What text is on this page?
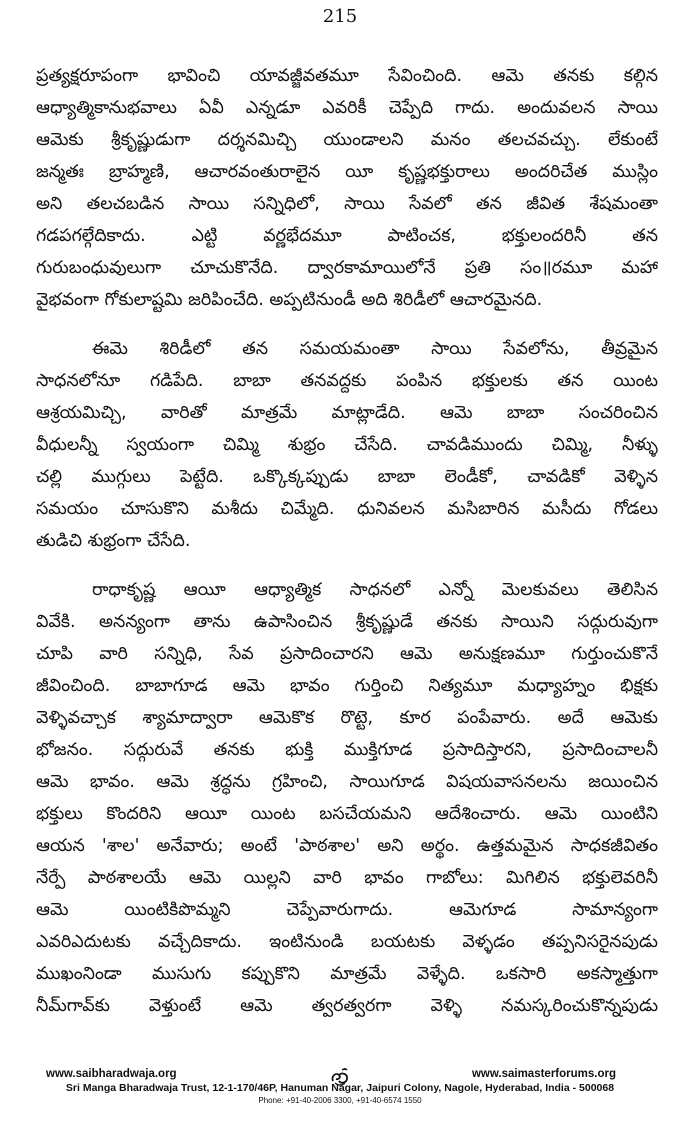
215
ప్రత్యక్షరూపంగా భావించి యావజ్జీవతమూ సేవించింది. ఆమె తనకు కల్గిన
ఆధ్యాత్మికానుభవాలు ఏవీ ఎన్నడూ ఎవరికీ చెప్పేది గాదు. అందువలన సాయి
ఆమెకు శ్రీకృష్ణుడుగా దర్శనమిచ్చి యుండాలని మనం తలచవచ్చు. లేకుంటే
జన్మతః బ్రాహ్మణి, ఆచారవంతురాలైన యీ కృష్ణభక్తురాలు అందరిచేత ముస్లిం
అని తలచబడిన సాయి సన్నిధిలో, సాయి సేవలో తన జీవిత శేషమంతా
గడపగల్గేదికాదు. ఎట్టి వర్ణభేదమూ పాటించక, భక్తులందరినీ తన
గురుబంధువులుగా చూచుకొనేది. ద్వారకామాయిలోనే ప్రతి సం॥రమూ మహా
వైభవంగా గోకులాష్టమి జరిపించేది. అప్పటినుండీ అది శిరిడీలో ఆచారమైనది.
ఈమె శిరిడీలో తన సమయమంతా సాయి సేవలోను, తీవ్రమైన
సాధనలోనూ గడిపేది. బాబా తనవద్దకు పంపిన భక్తులకు తన యింట
ఆశ్రయమిచ్చి, వారితో మాత్రమే మాట్లాడేది. ఆమె బాబా సంచరించిన
వీధులన్నీ స్వయంగా చిమ్మి శుభ్రం చేసేది. చావడిముందు చిమ్మి, నీళ్ళు
చల్లి ముగ్గులు పెట్టేది. ఒక్కొక్కప్పుడు బాబా లెండీకో, చావడికో వెళ్ళిన
సమయం చూసుకొని మశీదు చిమ్మేది. ధునివలన మసిబారిన మసీదు గోడలు
తుడిచి శుభ్రంగా చేసేది.
రాధాకృష్ణ ఆయీ ఆధ్యాత్మిక సాధనలో ఎన్నో మెలకువలు తెలిసిన
వివేకి. అనన్యంగా తాను ఉపాసించిన శ్రీకృష్ణుడే తనకు సాయిని సద్గురువుగా
చూపి వారి సన్నిధి, సేవ ప్రసాదించారని ఆమె అనుక్షణమూ గుర్తుంచుకొనే
జీవించింది. బాబాగూడ ఆమె భావం గుర్తించి నిత్యమూ మధ్యాహ్నం భిక్షకు
వెళ్ళివచ్చాక శ్యామాద్వారా ఆమెకొక రొట్టె, కూర పంపేవారు. అదే ఆమెకు
భోజనం. సద్గురువే తనకు భుక్తి ముక్తిగూడ ప్రసాదిస్తారని, ప్రసాదించాలనీ
ఆమె భావం. ఆమె శ్రద్ధను గ్రహించి, సాయిగూడ విషయవాసనలను జయించిన
భక్తులు కొందరిని ఆయీ యింట బసచేయమని ఆదేశించారు. ఆమె యింటిని
ఆయన 'శాల' అనేవారు; అంటే 'పాఠశాల' అని అర్థం. ఉత్తమమైన సాధకజీవితం
నేర్పే పాఠశాలయే ఆమె యిల్లని వారి భావం గాబోలు: మిగిలిన భక్తులెవరినీ
ఆమె యింటికిపొమ్మని చెప్పేవారుగాదు. ఆమెగూడ సామాన్యంగా
ఎవరిఎదుటకు వచ్చేదికాదు. ఇంటినుండి బయటకు వెళ్ళడం తప్పనిసరైనపుడు
ముఖంనిండా ముసుగు కప్పుకొని మాత్రమే వెళ్ళేది. ఒకసారి అకస్మాత్తుగా
నీమ్‌గావ్‌కు వెళ్తుంటే ఆమె త్వరత్వరగా వెళ్ళి నమస్కరించుకొన్నపుడు
www.saibharadwaja.org	www.saimasterforums.org
Sri Manga Bharadwaja Trust, 12-1-170/46P, Hanuman Nagar, Jaipuri Colony, Nagole, Hyderabad, India - 500068
Phone: +91-40-2006 3300, +91-40-6574 1550
